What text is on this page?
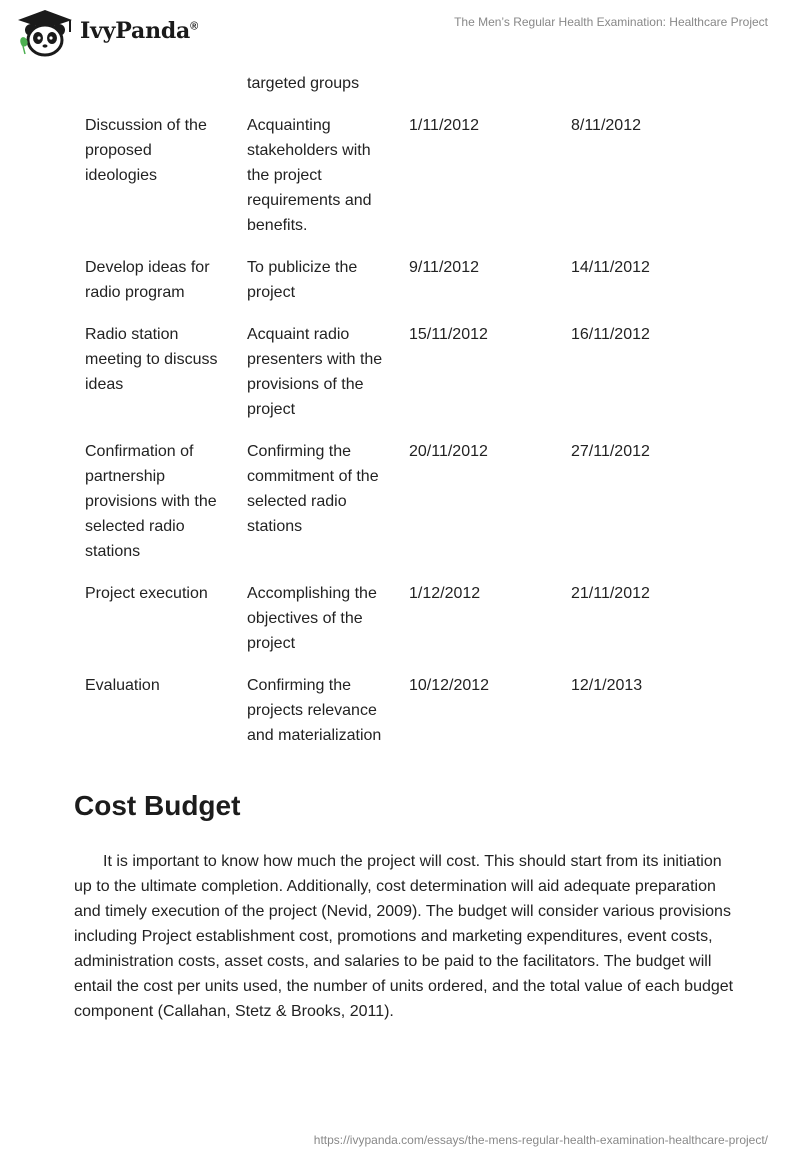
IvyPanda®	The Men’s Regular Health Examination: Healthcare Project
	targeted groups		

Discussion of the proposed ideologies	Acquainting stakeholders with the project requirements and benefits.	1/11/2012	8/11/2012

Develop ideas for radio program	To publicize the project	9/11/2012	14/11/2012

Radio station meeting to discuss ideas	Acquaint radio presenters with the provisions of the project	15/11/2012	16/11/2012

Confirmation of partnership provisions with the selected radio stations	Confirming the commitment of the selected radio stations	20/11/2012	27/11/2012

Project execution	Accomplishing the objectives of the project	1/12/2012	21/11/2012

Evaluation	Confirming the projects relevance and materialization	10/12/2012	12/1/2013
Cost Budget

It is important to know how much the project will cost. This should start from its initiation up to the ultimate completion. Additionally, cost determination will aid adequate preparation and timely execution of the project (Nevid, 2009). The budget will consider various provisions including Project establishment cost, promotions and marketing expenditures, event costs, administration costs, asset costs, and salaries to be paid to the facilitators. The budget will entail the cost per units used, the number of units ordered, and the total value of each budget component (Callahan, Stetz & Brooks, 2011).

https://ivypanda.com/essays/the-mens-regular-health-examination-healthcare-project/
